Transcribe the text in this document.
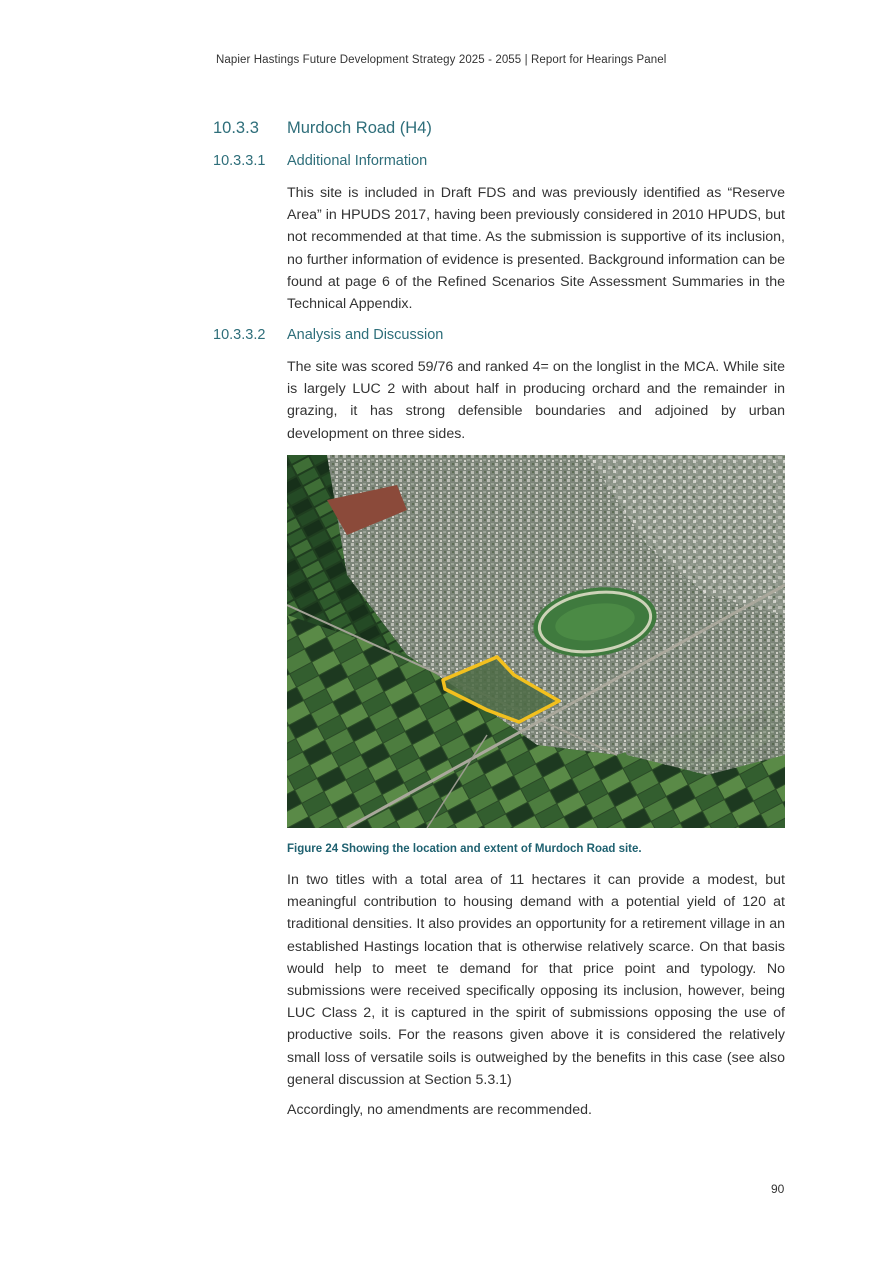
Napier Hastings Future Development Strategy 2025 - 2055 | Report for Hearings Panel
10.3.3 Murdoch Road (H4)
10.3.3.1 Additional Information

This site is included in Draft FDS and was previously identified as “Reserve Area” in HPUDS 2017, having been previously considered in 2010 HPUDS, but not recommended at that time. As the submission is supportive of its inclusion, no further information of evidence is presented. Background information can be found at page 6 of the Refined Scenarios Site Assessment Summaries in the Technical Appendix.

10.3.3.2 Analysis and Discussion

The site was scored 59/76 and ranked 4= on the longlist in the MCA. While site is largely LUC 2 with about half in producing orchard and the remainder in grazing, it has strong defensible boundaries and adjoined by urban development on three sides.

Figure 24 Showing the location and extent of Murdoch Road site.

In two titles with a total area of 11 hectares it can provide a modest, but meaningful contribution to housing demand with a potential yield of 120 at traditional densities. It also provides an opportunity for a retirement village in an established Hastings location that is otherwise relatively scarce. On that basis would help to meet te demand for that price point and typology. No submissions were received specifically opposing its inclusion, however, being LUC Class 2, it is captured in the spirit of submissions opposing the use of productive soils. For the reasons given above it is considered the relatively small loss of versatile soils is outweighed by the benefits in this case (see also general discussion at Section 5.3.1)

Accordingly, no amendments are recommended.

90
